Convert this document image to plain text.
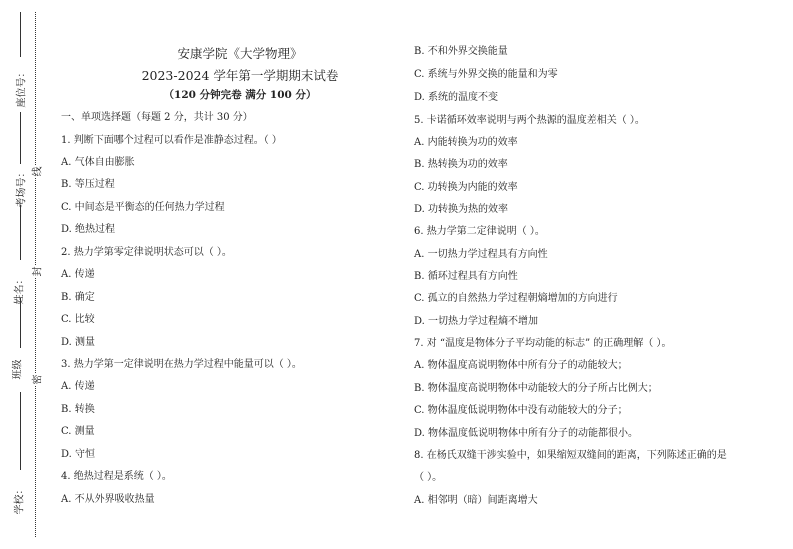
座位号：
考场号： 线
姓名：
封
班级 密
学校：
安康学院《大学物理》
2023-2024 学年第一学期期末试卷
（120 分钟完卷 满分 100 分）
一、单项选择题（每题 2 分，共计 30 分）
1. 判断下面哪个过程可以看作是准静态过程。（ ）
A. 气体自由膨胀
B. 等压过程
C. 中间态是平衡态的任何热力学过程
D. 绝热过程
2. 热力学第零定律说明状态可以（ ）。
A. 传递
B. 确定
C. 比较
D. 测量
3. 热力学第一定律说明在热力学过程中能量可以（ ）。
A. 传递
B. 转换
C. 测量
D. 守恒
4. 绝热过程是系统（ ）。
A. 不从外界吸收热量
B. 不和外界交换能量
C. 系统与外界交换的能量和为零
D. 系统的温度不变
5. 卡诺循环效率说明与两个热源的温度差相关（ ）。
A. 内能转换为功的效率
B. 热转换为功的效率
C. 功转换为内能的效率
D. 功转换为热的效率
6. 热力学第二定律说明（ ）。
A. 一切热力学过程具有方向性
B. 循环过程具有方向性
C. 孤立的自然热力学过程朝熵增加的方向进行
D. 一切热力学过程熵不增加
7. 对 “温度是物体分子平均动能的标志” 的正确理解（ ）。
A. 物体温度高说明物体中所有分子的动能较大；
B. 物体温度高说明物体中动能较大的分子所占比例大；
C. 物体温度低说明物体中没有动能较大的分子；
D. 物体温度低说明物体中所有分子的动能都很小。
8. 在杨氏双缝干涉实验中，如果缩短双缝间的距离，下列陈述正确的是
（ ）。
A. 相邻明（暗）间距离增大
